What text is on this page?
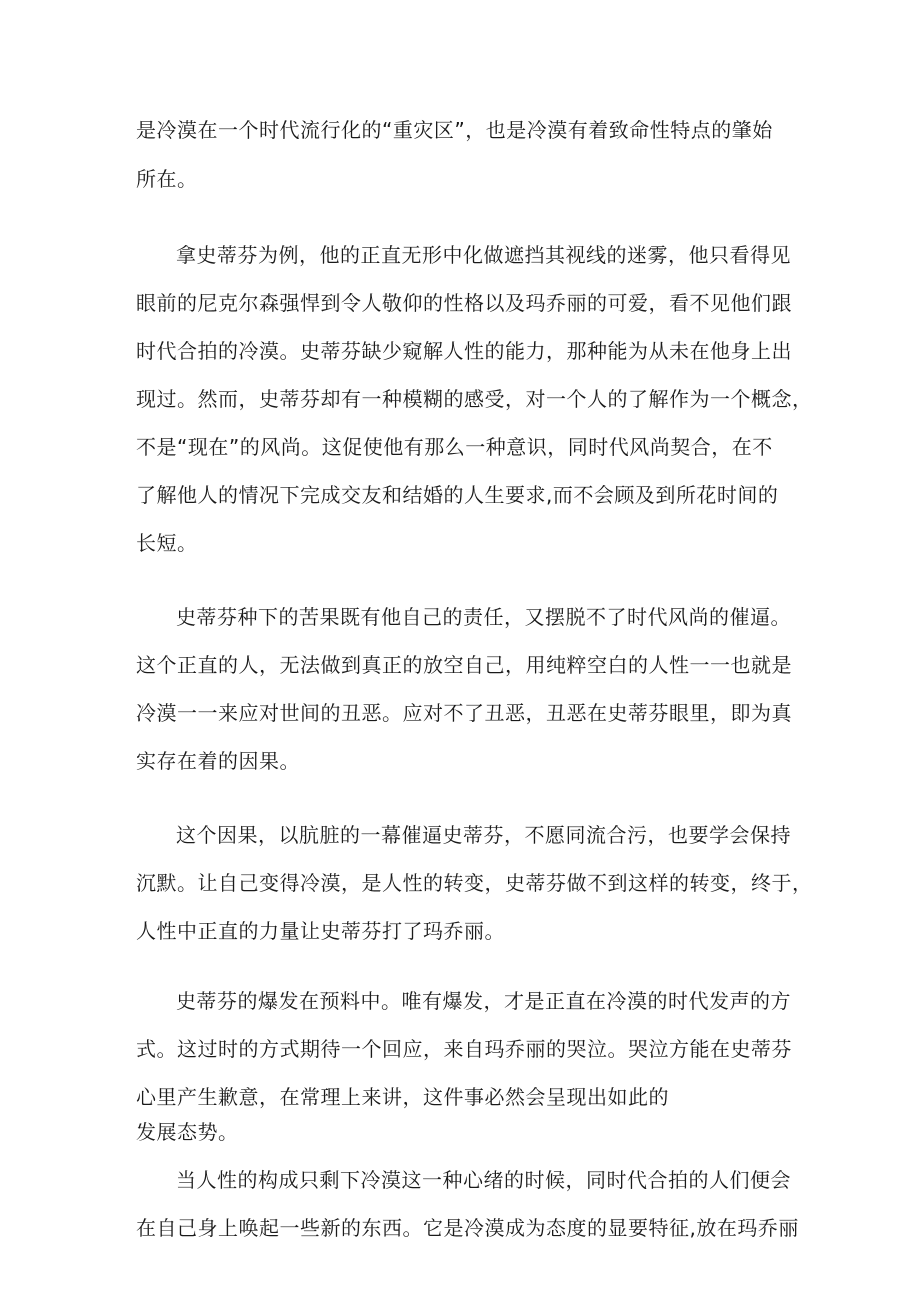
是冷漠在一个时代流行化的“重灾区”，也是冷漠有着致命性特点的肇始

所在。

拿史蒂芬为例，他的正直无形中化做遮挡其视线的迷雾，他只看得见

眼前的尼克尔森强悍到令人敬仰的性格以及玛乔丽的可爱，看不见他们跟

时代合拍的冷漠。史蒂芬缺少窥解人性的能力，那种能为从未在他身上出

现过。然而，史蒂芬却有一种模糊的感受，对一个人的了解作为一个概念，

不是“现在”的风尚。这促使他有那么一种意识，同时代风尚契合，在不

了解他人的情况下完成交友和结婚的人生要求,而不会顾及到所花时间的

长短。

史蒂芬种下的苦果既有他自己的责任，又摆脱不了时代风尚的催逼。

这个正直的人，无法做到真正的放空自己，用纯粹空白的人性一一也就是

冷漠一一来应对世间的丑恶。应对不了丑恶，丑恶在史蒂芬眼里，即为真

实存在着的因果。

这个因果，以肮脏的一幕催逼史蒂芬，不愿同流合污，也要学会保持

沉默。让自己变得冷漠，是人性的转变，史蒂芬做不到这样的转变，终于，

人性中正直的力量让史蒂芬打了玛乔丽。

史蒂芬的爆发在预料中。唯有爆发，才是正直在冷漠的时代发声的方

式。这过时的方式期待一个回应，来自玛乔丽的哭泣。哭泣方能在史蒂芬

心里产生歉意，在常理上来讲，这件事必然会呈现出如此的

发展态势。

当人性的构成只剩下冷漠这一种心绪的时候，同时代合拍的人们便会

在自己身上唤起一些新的东西。它是冷漠成为态度的显要特征,放在玛乔丽
